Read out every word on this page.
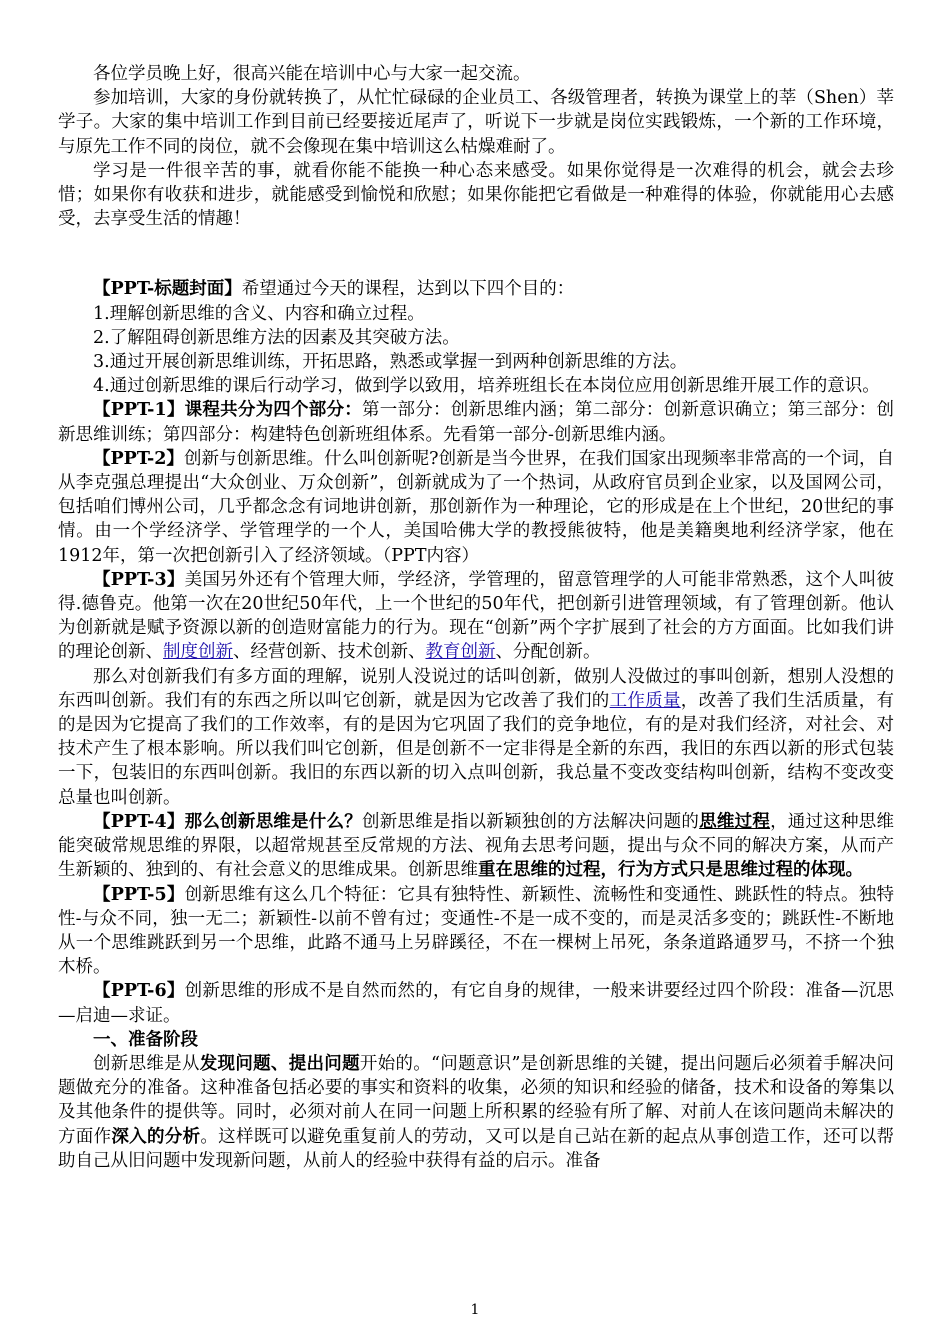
各位学员晚上好，很高兴能在培训中心与大家一起交流。

参加培训，大家的身份就转换了，从忙忙碌碌的企业员工、各级管理者，转换为课堂上的莘（Shen）莘学子。大家的集中培训工作到目前已经要接近尾声了，听说下一步就是岗位实践锻炼，一个新的工作环境，与原先工作不同的岗位，就不会像现在集中培训这么枯燥难耐了。

学习是一件很辛苦的事，就看你能不能换一种心态来感受。如果你觉得是一次难得的机会，就会去珍惜；如果你有收获和进步，就能感受到愉悦和欣慰；如果你能把它看做是一种难得的体验，你就能用心去感受，去享受生活的情趣！

【PPT-标题封面】希望通过今天的课程，达到以下四个目的：

1.理解创新思维的含义、内容和确立过程。

2.了解阻碍创新思维方法的因素及其突破方法。

3.通过开展创新思维训练，开拓思路，熟悉或掌握一到两种创新思维的方法。

4.通过创新思维的课后行动学习，做到学以致用，培养班组长在本岗位应用创新思维开展工作的意识。

【PPT-1】课程共分为四个部分：第一部分：创新思维内涵；第二部分：创新意识确立；第三部分：创新思维训练；第四部分：构建特色创新班组体系。先看第一部分-创新思维内涵。

【PPT-2】创新与创新思维。什么叫创新呢?创新是当今世界，在我们国家出现频率非常高的一个词，自从李克强总理提出“大众创业、万众创新”，创新就成为了一个热词，从政府官员到企业家，以及国网公司，包括咱们博州公司，几乎都念念有词地讲创新，那创新作为一种理论，它的形成是在上个世纪，20世纪的事情。由一个学经济学、学管理学的一个人，美国哈佛大学的教授熊彼特，他是美籍奥地利经济学家，他在1912年，第一次把创新引入了经济领域。（PPT内容）

【PPT-3】美国另外还有个管理大师，学经济，学管理的，留意管理学的人可能非常熟悉，这个人叫彼得.德鲁克。他第一次在20世纪50年代，上一个世纪的50年代，把创新引进管理领域，有了管理创新。他认为创新就是赋予资源以新的创造财富能力的行为。现在“创新”两个字扩展到了社会的方方面面。比如我们讲的理论创新、制度创新、经营创新、技术创新、教育创新、分配创新。

那么对创新我们有多方面的理解，说别人没说过的话叫创新，做别人没做过的事叫创新，想别人没想的东西叫创新。我们有的东西之所以叫它创新，就是因为它改善了我们的工作质量，改善了我们生活质量，有的是因为它提高了我们的工作效率，有的是因为它巩固了我们的竞争地位，有的是对我们经济，对社会、对技术产生了根本影响。所以我们叫它创新，但是创新不一定非得是全新的东西，我旧的东西以新的形式包装一下，包装旧的东西叫创新。我旧的东西以新的切入点叫创新，我总量不变改变结构叫创新，结构不变改变总量也叫创新。

【PPT-4】那么创新思维是什么？创新思维是指以新颖独创的方法解决问题的思维过程，通过这种思维能突破常规思维的界限，以超常规甚至反常规的方法、视角去思考问题，提出与众不同的解决方案，从而产生新颖的、独到的、有社会意义的思维成果。创新思维重在思维的过程，行为方式只是思维过程的体现。

【PPT-5】创新思维有这么几个特征：它具有独特性、新颖性、流畅性和变通性、跳跃性的特点。独特性-与众不同，独一无二；新颖性-以前不曾有过；变通性-不是一成不变的，而是灵活多变的；跳跃性-不断地从一个思维跳跃到另一个思维，此路不通马上另辟蹊径，不在一棵树上吊死，条条道路通罗马，不挤一个独木桥。

【PPT-6】创新思维的形成不是自然而然的，有它自身的规律，一般来讲要经过四个阶段：准备—沉思—启迪—求证。

一、准备阶段

创新思维是从发现问题、提出问题开始的。“问题意识”是创新思维的关键，提出问题后必须着手解决问题做充分的准备。这种准备包括必要的事实和资料的收集，必须的知识和经验的储备，技术和设备的筹集以及其他条件的提供等。同时，必须对前人在同一问题上所积累的经验有所了解、对前人在该问题尚未解决的方面作深入的分析。这样既可以避免重复前人的劳动，又可以是自己站在新的起点从事创造工作，还可以帮助自己从旧问题中发现新问题，从前人的经验中获得有益的启示。准备

1
